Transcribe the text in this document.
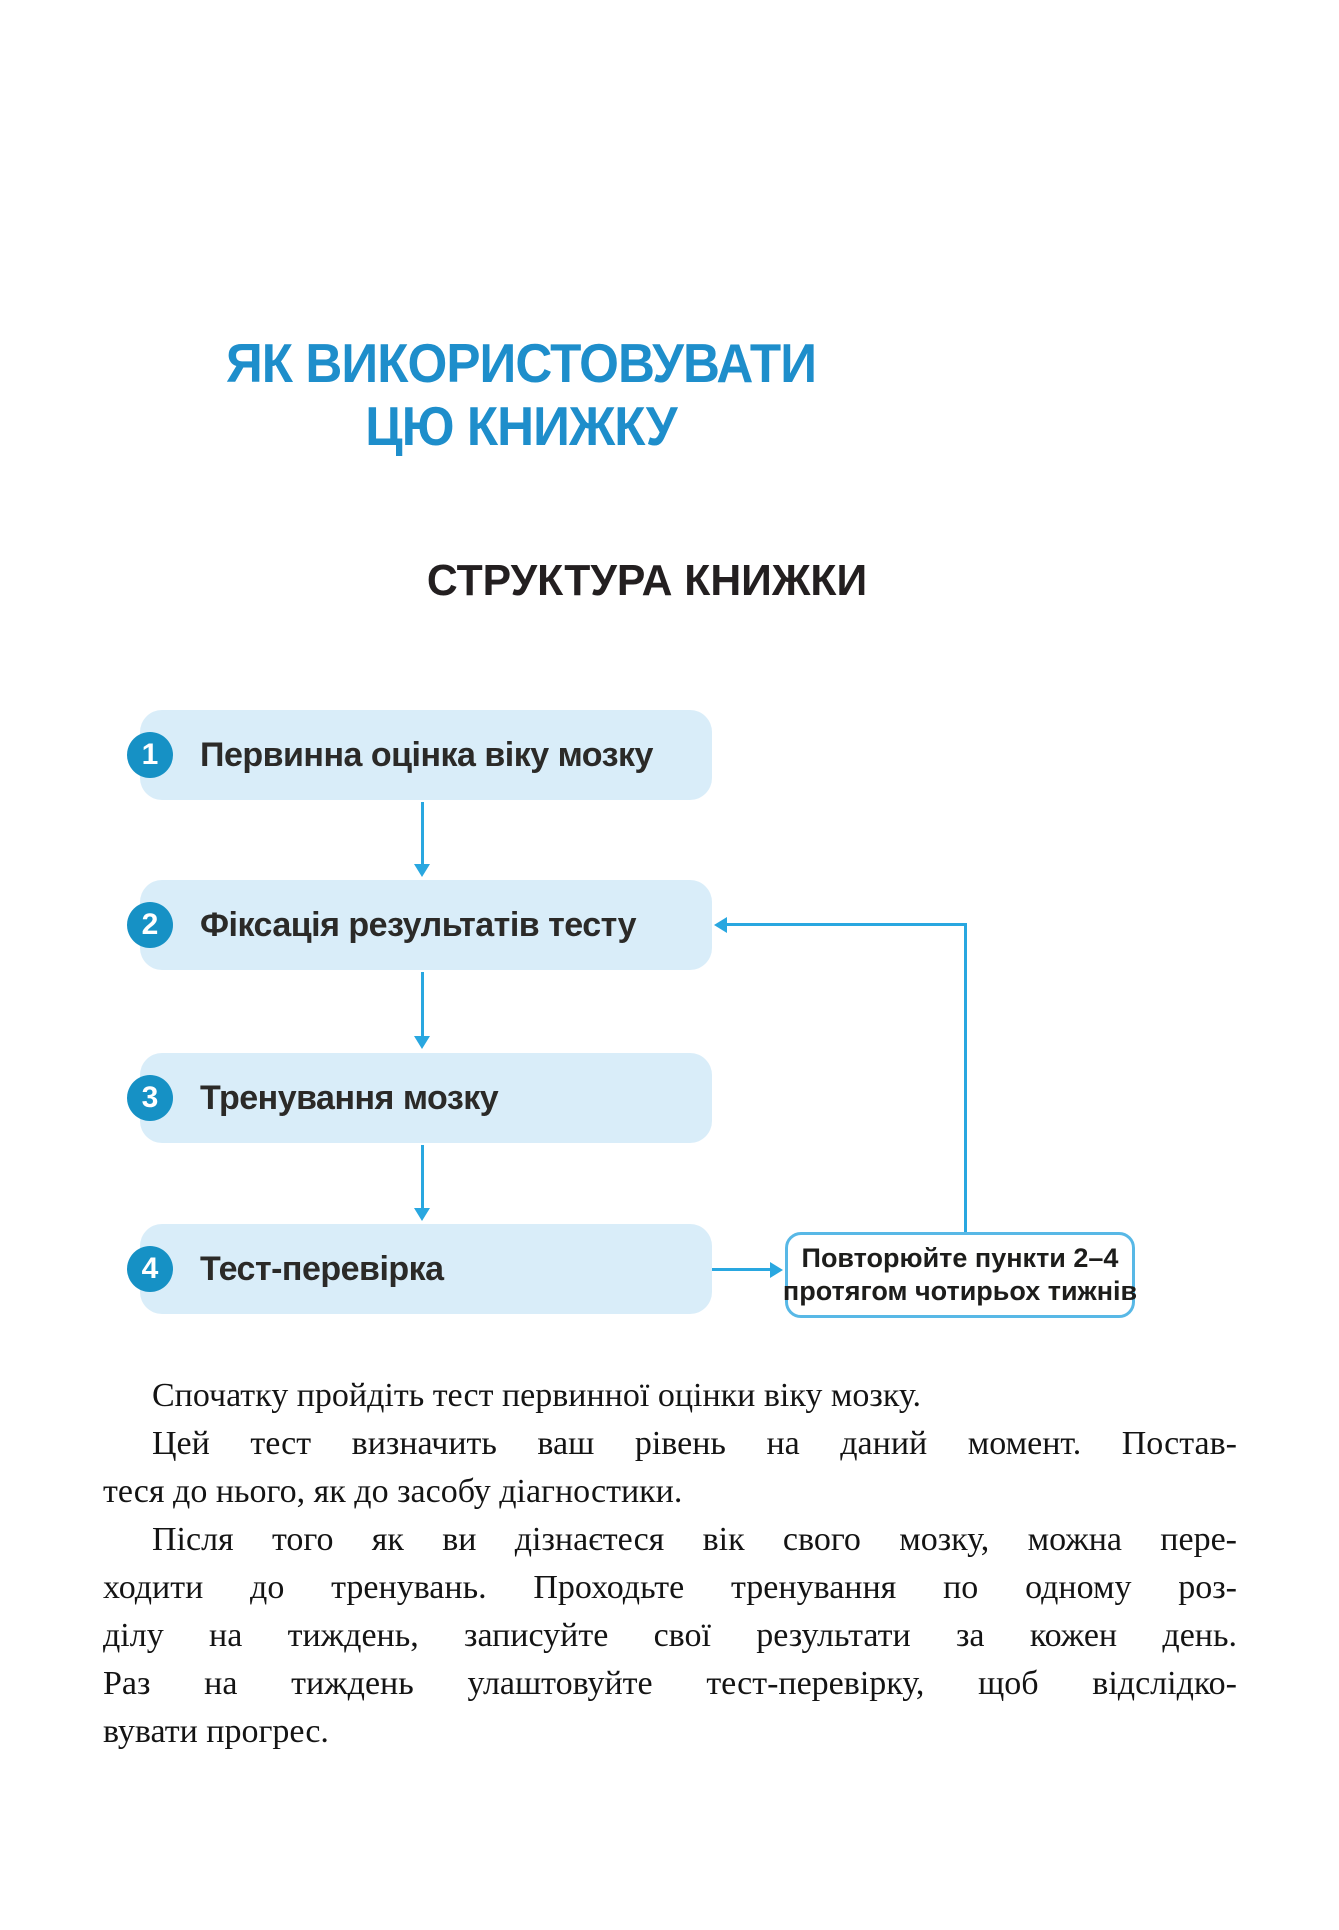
ЯК ВИКОРИСТОВУВАТИ
ЦЮ КНИЖКУ
СТРУКТУРА КНИЖКИ
1	Первинна оцінка віку мозку
2	Фіксація результатів тесту
3	Тренування мозку
4	Тест-перевірка	Повторюйте пункти 2–4
протягом чотирьох тижнів
Спочатку пройдіть тест первинної оцінки віку мозку.
Цей тест визначить ваш рівень на даний момент. Постав-
теся до нього, як до засобу діагностики.
Після того як ви дізнаєтеся вік свого мозку, можна пере-
ходити до тренувань. Проходьте тренування по одному роз-
ділу на тиждень, записуйте свої результати за кожен день.
Раз на тиждень улаштовуйте тест-перевірку, щоб відслідко-
вувати прогрес.
